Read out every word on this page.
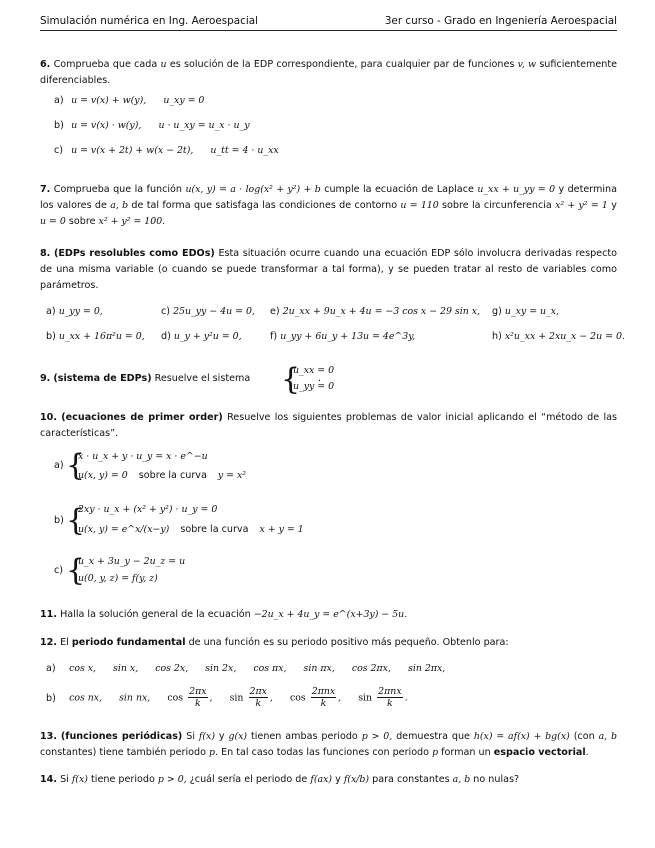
Simulación numérica en Ing. Aeroespacial	3er curso - Grado en Ingeniería Aeroespacial
6. Comprueba que cada u es solución de la EDP correspondiente, para cualquier par de funciones v, w suficientemente diferenciables.
a) u = v(x) + w(y), u_xy = 0
b) u = v(x) · w(y), u · u_xy = u_x · u_y
c) u = v(x + 2t) + w(x − 2t), u_tt = 4 · u_xx
7. Comprueba que la función u(x, y) = a · log(x² + y²) + b cumple la ecuación de Laplace u_xx + u_yy = 0 y determina los valores de a, b de tal forma que satisfaga las condiciones de contorno u = 110 sobre la circunferencia x² + y² = 1 y u = 0 sobre x² + y² = 100.
8. (EDPs resolubles como EDOs) Esta situación ocurre cuando una ecuación EDP sólo involucra derivadas respecto de una misma variable (o cuando se puede transformar a tal forma), y se pueden tratar al resto de variables como parámetros.
a) u_yy = 0,
b) u_xx + 16π²u = 0,
c) 25u_yy − 4u = 0,
d) u_y + y²u = 0,
e) 2u_xx + 9u_x + 4u = −3 cos x − 29 sin x,
f) u_yy + 6u_y + 13u = 4e^3y,
g) u_xy = u_x,
h) x²u_xx + 2xu_x − 2u = 0.
9. (sistema de EDPs) Resuelve el sistema {
u_xx = 0
u_yy = 0
.
10. (ecuaciones de primer order) Resuelve los siguientes problemas de valor inicial aplicando el “método de las características”.
a) {
x · u_x + y · u_y = x · e^−u
u(x, y) = 0 sobre la curva y = x²
b) {
2xy · u_x + (x² + y²) · u_y = 0
u(x, y) = e^x/(x−y) sobre la curva x + y = 1
c) {
u_x + 3u_y − 2u_z = u
u(0, y, z) = f(y, z)
11. Halla la solución general de la ecuación −2u_x + 4u_y = e^(x+3y) − 5u.
12. El periodo fundamental de una función es su periodo positivo más pequeño. Obtenlo para:
a) cos x, sin x, cos 2x, sin 2x, cos πx, sin πx, cos 2πx, sin 2πx,
b) cos nx, sin nx, $\cos \frac{2\pi x}{k}$ , $\sin \frac{2\pi x}{k}$ , $\cos \frac{\text{2πnx}}{k}$ , $\sin \frac{\text{2πnx}}{k}$ .
13. (funciones periódicas) Si f(x) y g(x) tienen ambas periodo p > 0, demuestra que h(x) = af(x) + bg(x) (con a, b constantes) tiene también periodo p. En tal caso todas las funciones con periodo p forman un espacio vectorial.
14. Si f(x) tiene periodo p > 0, ¿cuál sería el periodo de f(ax) y f(x/b) para constantes a, b no nulas?
